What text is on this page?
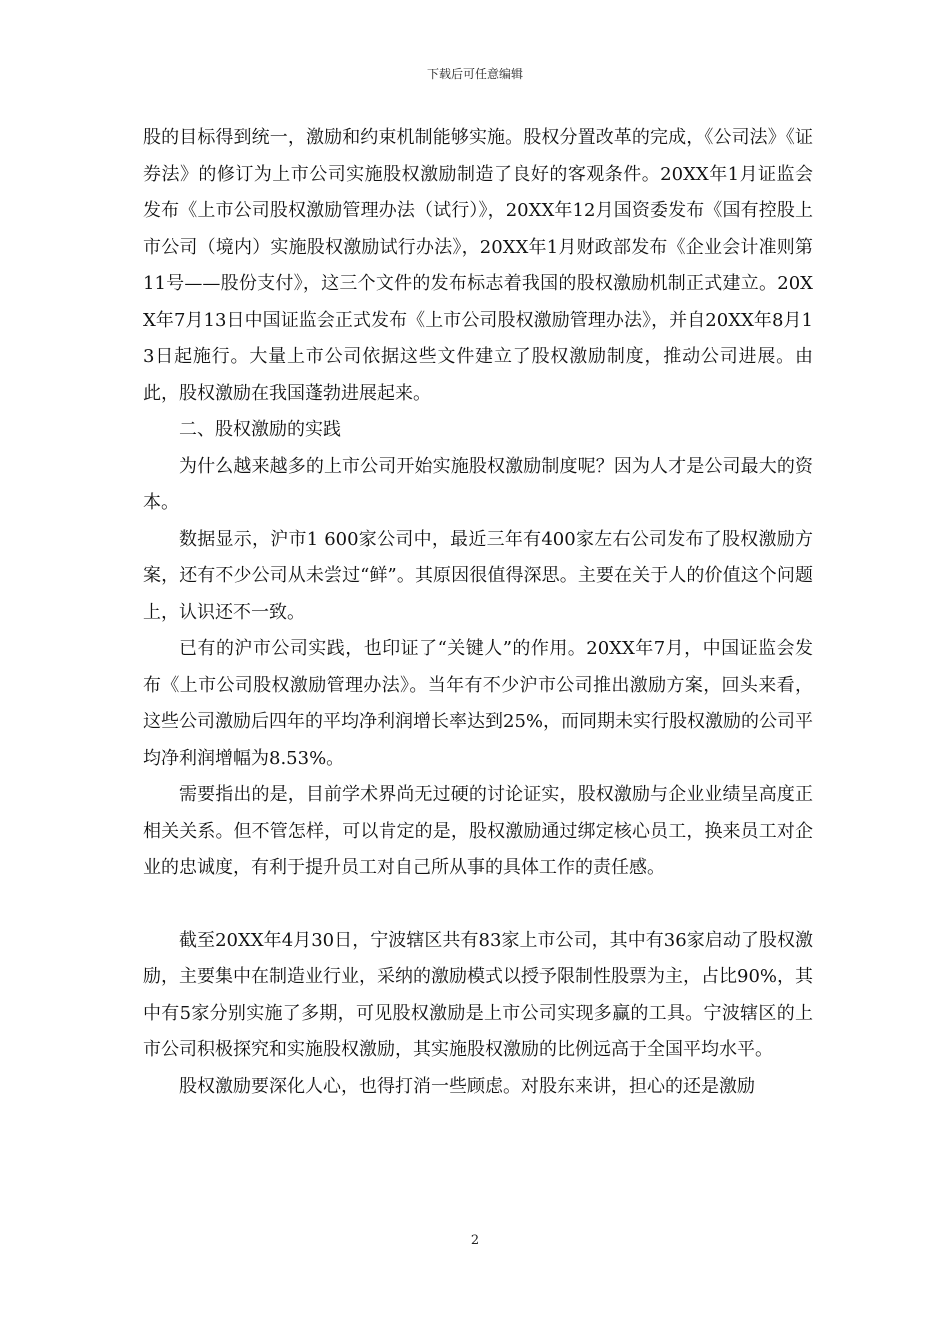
下载后可任意编辑

股的目标得到统一，激励和约束机制能够实施。股权分置改革的完成，《公司法》《证券法》的修订为上市公司实施股权激励制造了良好的客观条件。20XX年1月证监会发布《上市公司股权激励管理办法（试行）》，20XX年12月国资委发布《国有控股上市公司（境内）实施股权激励试行办法》，20XX年1月财政部发布《企业会计准则第11号——股份支付》，这三个文件的发布标志着我国的股权激励机制正式建立。20XX年7月13日中国证监会正式发布《上市公司股权激励管理办法》，并自20XX年8月13日起施行。大量上市公司依据这些文件建立了股权激励制度，推动公司进展。由此，股权激励在我国蓬勃进展起来。

二、股权激励的实践

为什么越来越多的上市公司开始实施股权激励制度呢？因为人才是公司最大的资本。

数据显示，沪市1 600家公司中，最近三年有400家左右公司发布了股权激励方案，还有不少公司从未尝过“鲜”。其原因很值得深思。主要在关于人的价值这个问题上，认识还不一致。

已有的沪市公司实践，也印证了“关键人”的作用。20XX年7月，中国证监会发布《上市公司股权激励管理办法》。当年有不少沪市公司推出激励方案，回头来看，这些公司激励后四年的平均净利润增长率达到25%，而同期未实行股权激励的公司平均净利润增幅为8.53%。

需要指出的是，目前学术界尚无过硬的讨论证实，股权激励与企业业绩呈高度正相关关系。但不管怎样，可以肯定的是，股权激励通过绑定核心员工，换来员工对企业的忠诚度，有利于提升员工对自己所从事的具体工作的责任感。

截至20XX年4月30日，宁波辖区共有83家上市公司，其中有36家启动了股权激励，主要集中在制造业行业，采纳的激励模式以授予限制性股票为主，占比90%，其中有5家分别实施了多期，可见股权激励是上市公司实现多赢的工具。宁波辖区的上市公司积极探究和实施股权激励，其实施股权激励的比例远高于全国平均水平。

股权激励要深化人心，也得打消一些顾虑。对股东来讲，担心的还是激励

2
